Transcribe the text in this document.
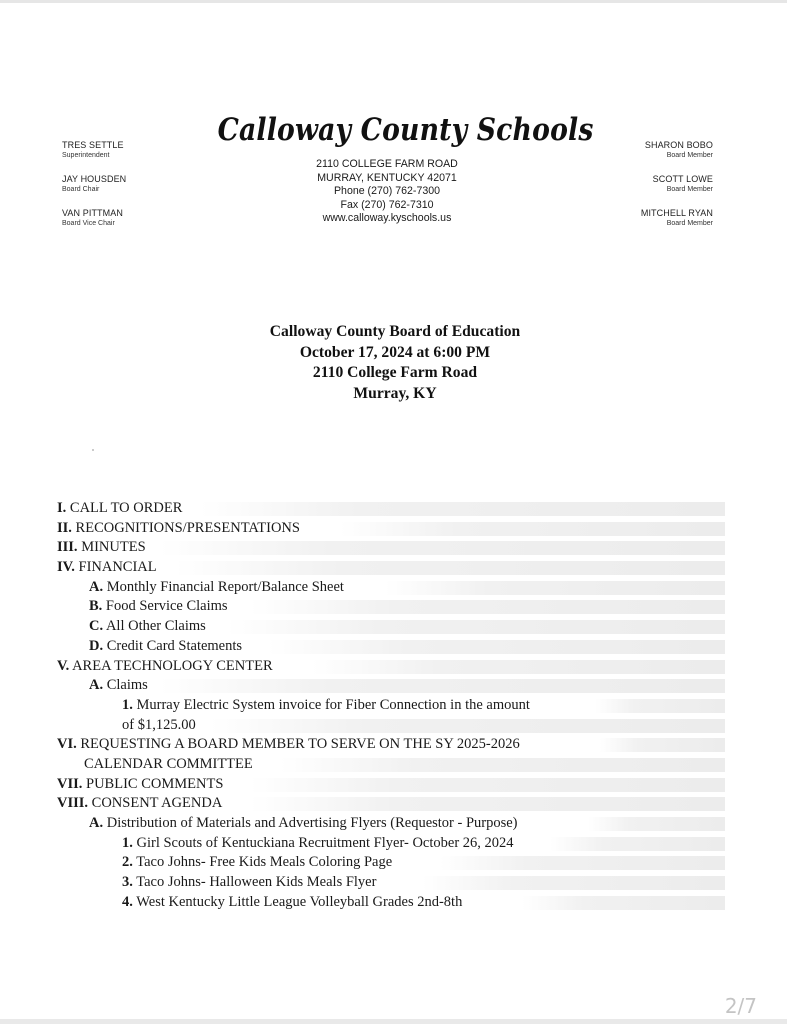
TRES SETTLE
Superintendent
JAY HOUSDEN
Board Chair
VAN PITTMAN
Board Vice Chair
Calloway County Schools
2110 COLLEGE FARM ROAD
MURRAY, KENTUCKY 42071
Phone (270) 762-7300
Fax (270) 762-7310
www.calloway.kyschools.us
SHARON BOBO
Board Member
SCOTT LOWE
Board Member
MITCHELL RYAN
Board Member
Calloway County Board of Education
October 17, 2024 at 6:00 PM
2110 College Farm Road
Murray, KY
I. CALL TO ORDER
II. RECOGNITIONS/PRESENTATIONS
III. MINUTES
IV. FINANCIAL
A. Monthly Financial Report/Balance Sheet
B. Food Service Claims
C. All Other Claims
D. Credit Card Statements
V. AREA TECHNOLOGY CENTER
A. Claims
1. Murray Electric System invoice for Fiber Connection in the amount
of $1,125.00
VI. REQUESTING A BOARD MEMBER TO SERVE ON THE SY 2025-2026
CALENDAR COMMITTEE
VII. PUBLIC COMMENTS
VIII. CONSENT AGENDA
A. Distribution of Materials and Advertising Flyers (Requestor - Purpose)
1. Girl Scouts of Kentuckiana Recruitment Flyer- October 26, 2024
2. Taco Johns- Free Kids Meals Coloring Page
3. Taco Johns- Halloween Kids Meals Flyer
4. West Kentucky Little League Volleyball Grades 2nd-8th
2/7
